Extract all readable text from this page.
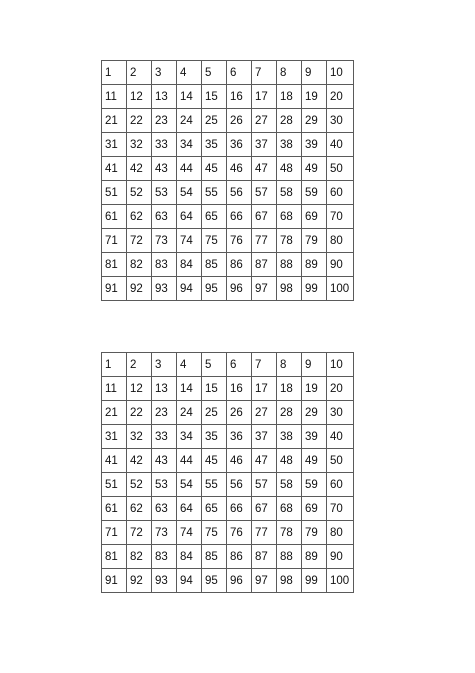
1	2	3	4	5	6	7	8	9	10
11	12	13	14	15	16	17	18	19	20
21	22	23	24	25	26	27	28	29	30
31	32	33	34	35	36	37	38	39	40
41	42	43	44	45	46	47	48	49	50
51	52	53	54	55	56	57	58	59	60
61	62	63	64	65	66	67	68	69	70
71	72	73	74	75	76	77	78	79	80
81	82	83	84	85	86	87	88	89	90
91	92	93	94	95	96	97	98	99	100
1	2	3	4	5	6	7	8	9	10
11	12	13	14	15	16	17	18	19	20
21	22	23	24	25	26	27	28	29	30
31	32	33	34	35	36	37	38	39	40
41	42	43	44	45	46	47	48	49	50
51	52	53	54	55	56	57	58	59	60
61	62	63	64	65	66	67	68	69	70
71	72	73	74	75	76	77	78	79	80
81	82	83	84	85	86	87	88	89	90
91	92	93	94	95	96	97	98	99	100
